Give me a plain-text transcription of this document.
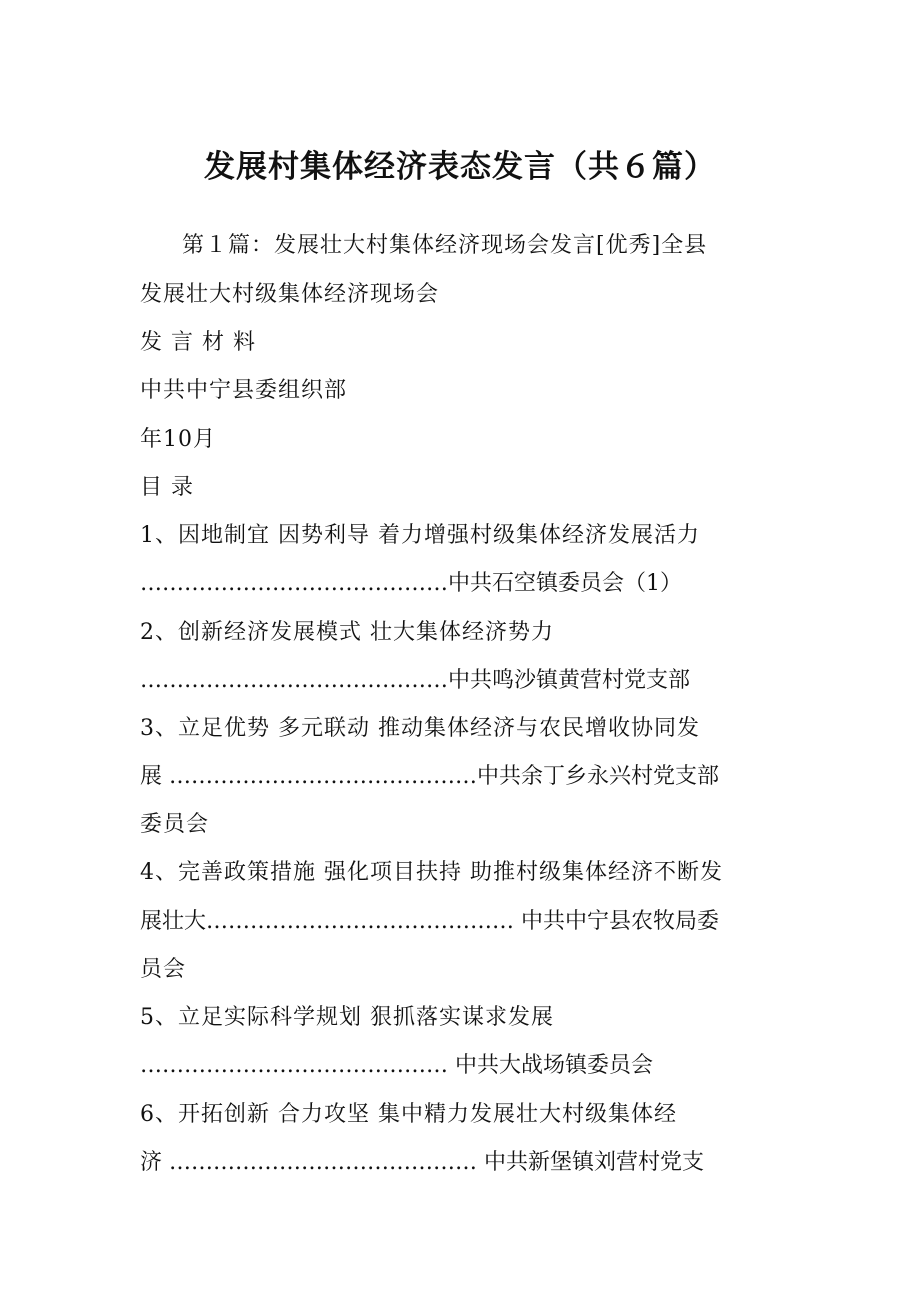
发展村集体经济表态发言（共６篇）
第１篇：发展壮大村集体经济现场会发言[优秀]全县
发展壮大村级集体经济现场会
发 言 材 料
中共中宁县委组织部
年10月
目 录
1、因地制宜 因势利导 着力增强村级集体经济发展活力
……………………………………中共石空镇委员会（1）
2、创新经济发展模式 壮大集体经济势力
……………………………………中共鸣沙镇黄营村党支部
3、立足优势 多元联动 推动集体经济与农民增收协同发
展 ……………………………………中共余丁乡永兴村党支部
委员会
4、完善政策措施 强化项目扶持 助推村级集体经济不断发
展壮大…………………………………… 中共中宁县农牧局委
员会
5、立足实际科学规划 狠抓落实谋求发展
…………………………………… 中共大战场镇委员会
6、开拓创新 合力攻坚 集中精力发展壮大村级集体经
济 …………………………………… 中共新堡镇刘营村党支
